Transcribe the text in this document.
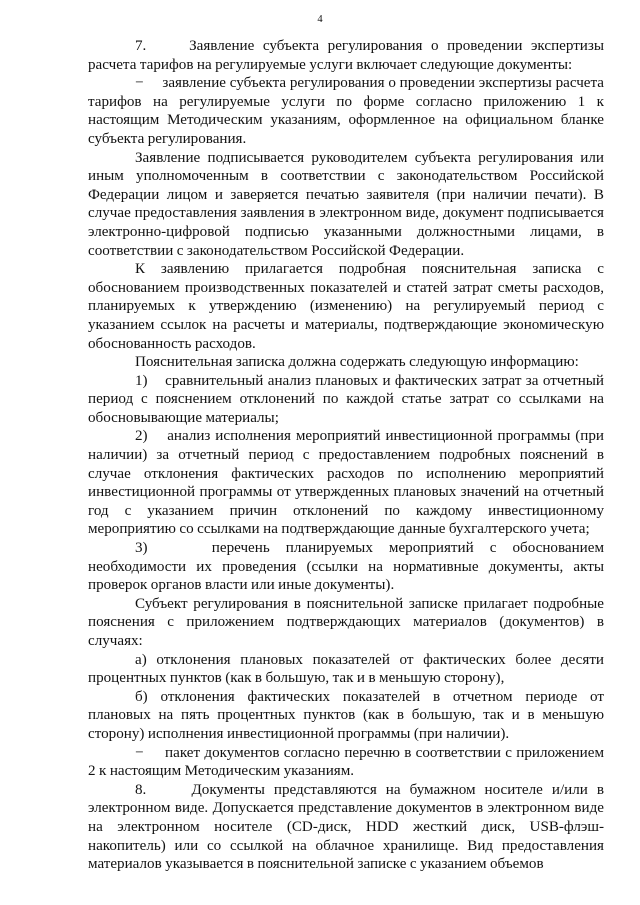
4

7.     Заявление субъекта регулирования о проведении экспертизы расчета тарифов на регулируемые услуги включает следующие документы:

−     заявление субъекта регулирования о проведении экспертизы расчета тарифов на регулируемые услуги по форме согласно приложению 1 к настоящим Методическим указаниям, оформленное на официальном бланке субъекта регулирования.

Заявление подписывается руководителем субъекта регулирования или иным уполномоченным в соответствии с законодательством Российской Федерации лицом и заверяется печатью заявителя (при наличии печати). В случае предоставления заявления в электронном виде, документ подписывается электронно-цифровой подписью указанными должностными лицами, в соответствии с законодательством Российской Федерации.

К заявлению прилагается подробная пояснительная записка с обоснованием производственных показателей и статей затрат сметы расходов, планируемых к утверждению (изменению) на регулируемый период с указанием ссылок на расчеты и материалы, подтверждающие экономическую обоснованность расходов.

Пояснительная записка должна содержать следующую информацию:

1)    сравнительный анализ плановых и фактических затрат за отчетный период с пояснением отклонений по каждой статье затрат со ссылками на обосновывающие материалы;

2)    анализ исполнения мероприятий инвестиционной программы (при наличии) за отчетный период с предоставлением подробных пояснений в случае отклонения фактических расходов по исполнению мероприятий инвестиционной программы от утвержденных плановых значений на отчетный год с указанием причин отклонений по каждому инвестиционному мероприятию со ссылками на подтверждающие данные бухгалтерского учета;

3)    перечень планируемых мероприятий с обоснованием необходимости их проведения (ссылки на нормативные документы, акты проверок органов власти или иные документы).

Субъект регулирования в пояснительной записке прилагает подробные пояснения с приложением подтверждающих материалов (документов) в случаях:

а) отклонения плановых показателей от фактических более десяти процентных пунктов (как в большую, так и в меньшую сторону),

б) отклонения фактических показателей в отчетном периоде от плановых на пять процентных пунктов (как в большую, так и в меньшую сторону) исполнения инвестиционной программы (при наличии).

−     пакет документов согласно перечню в соответствии с приложением 2 к настоящим Методическим указаниям.

8.     Документы представляются на бумажном носителе и/или в электронном виде. Допускается представление документов в электронном виде на электронном носителе (CD-диск, HDD жесткий диск, USB-флэш-накопитель) или со ссылкой на облачное хранилище. Вид предоставления материалов указывается в пояснительной записке с указанием объемов
